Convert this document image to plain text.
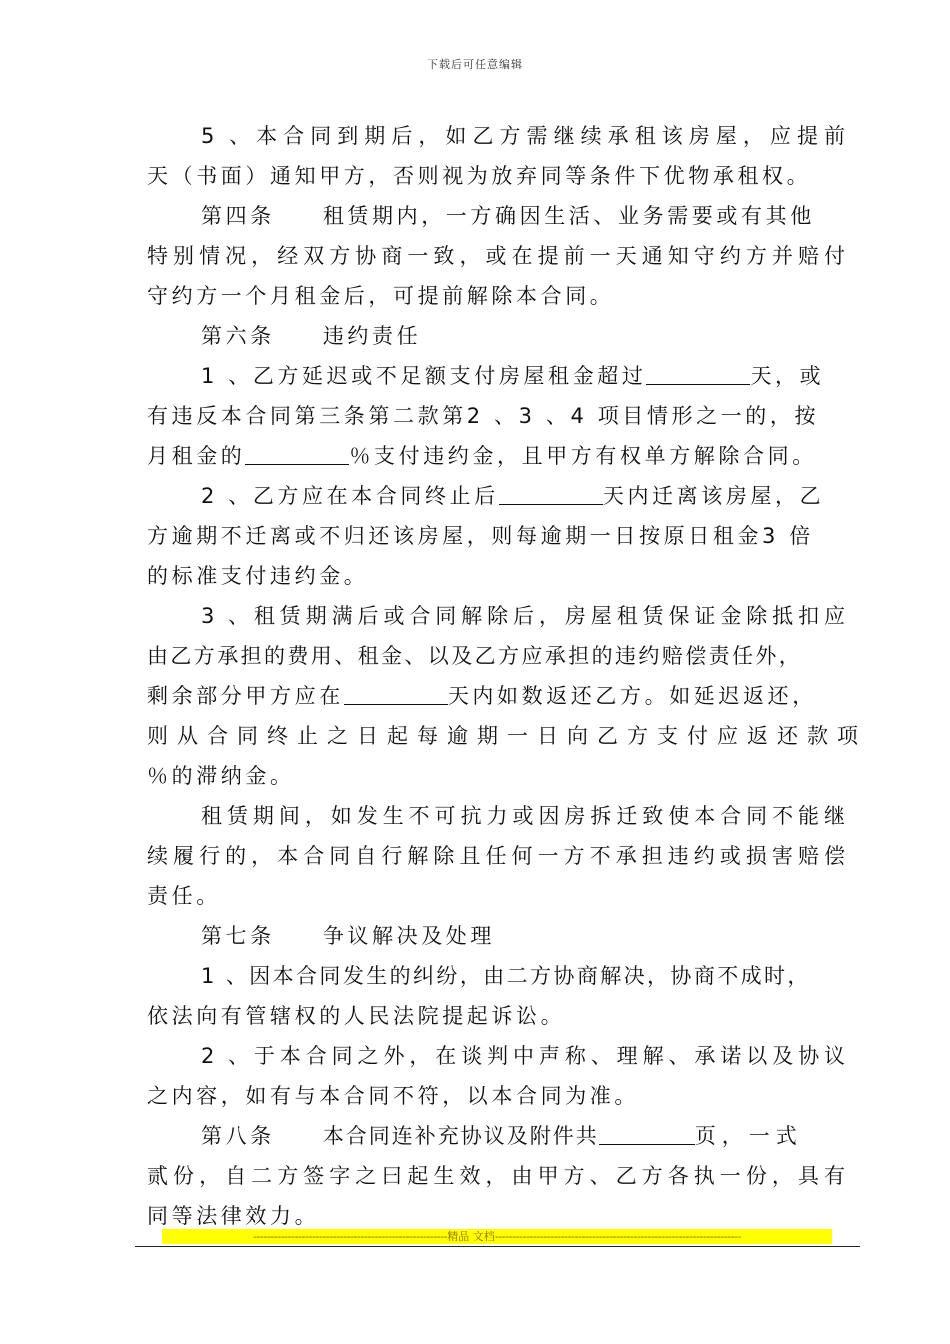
下载后可任意编辑
5 、本合同到期后，如乙方需继续承租该房屋，应提前
天（书面）通知甲方，否则视为放弃同等条件下优物承租权。
第四条 租赁期内，一方确因生活、业务需要或有其他
特别情况，经双方协商一致，或在提前一天通知守约方并赔付
守约方一个月租金后，可提前解除本合同。
第六条 违约责任
1 、乙方延迟或不足额支付房屋租金超过	天，或
有违反本合同第三条第二款第2 、3 、4 项目情形之一的，按
月租金的	％支付违约金，且甲方有权单方解除合同。
2 、乙方应在本合同终止后	天内迁离该房屋，乙
方逾期不迁离或不归还该房屋，则每逾期一日按原日租金3 倍
的标准支付违约金。
3 、租赁期满后或合同解除后，房屋租赁保证金除抵扣应
由乙方承担的费用、租金、以及乙方应承担的违约赔偿责任外，
剩余部分甲方应在	天内如数返还乙方。如延迟返还，
则从合同终止之日起每逾期一日向乙方支付应返还款项
％的滞纳金。
租赁期间，如发生不可抗力或因房拆迁致使本合同不能继
续履行的，本合同自行解除且任何一方不承担违约或损害赔偿
责任。
第七条 争议解决及处理
1 、因本合同发生的纠纷，由二方协商解决，协商不成时，
依法向有管辖权的人民法院提起诉讼。
2 、于本合同之外，在谈判中声称、理解、承诺以及协议
之内容，如有与本合同不符，以本合同为准。
第八条 本合同连补充协议及附件共	页，一式
贰份，自二方签字之曰起生效，由甲方、乙方各执一份，具有
同等法律效力。
--------------------------------------------------------精品 文档-----------------------------------------------------------------------
